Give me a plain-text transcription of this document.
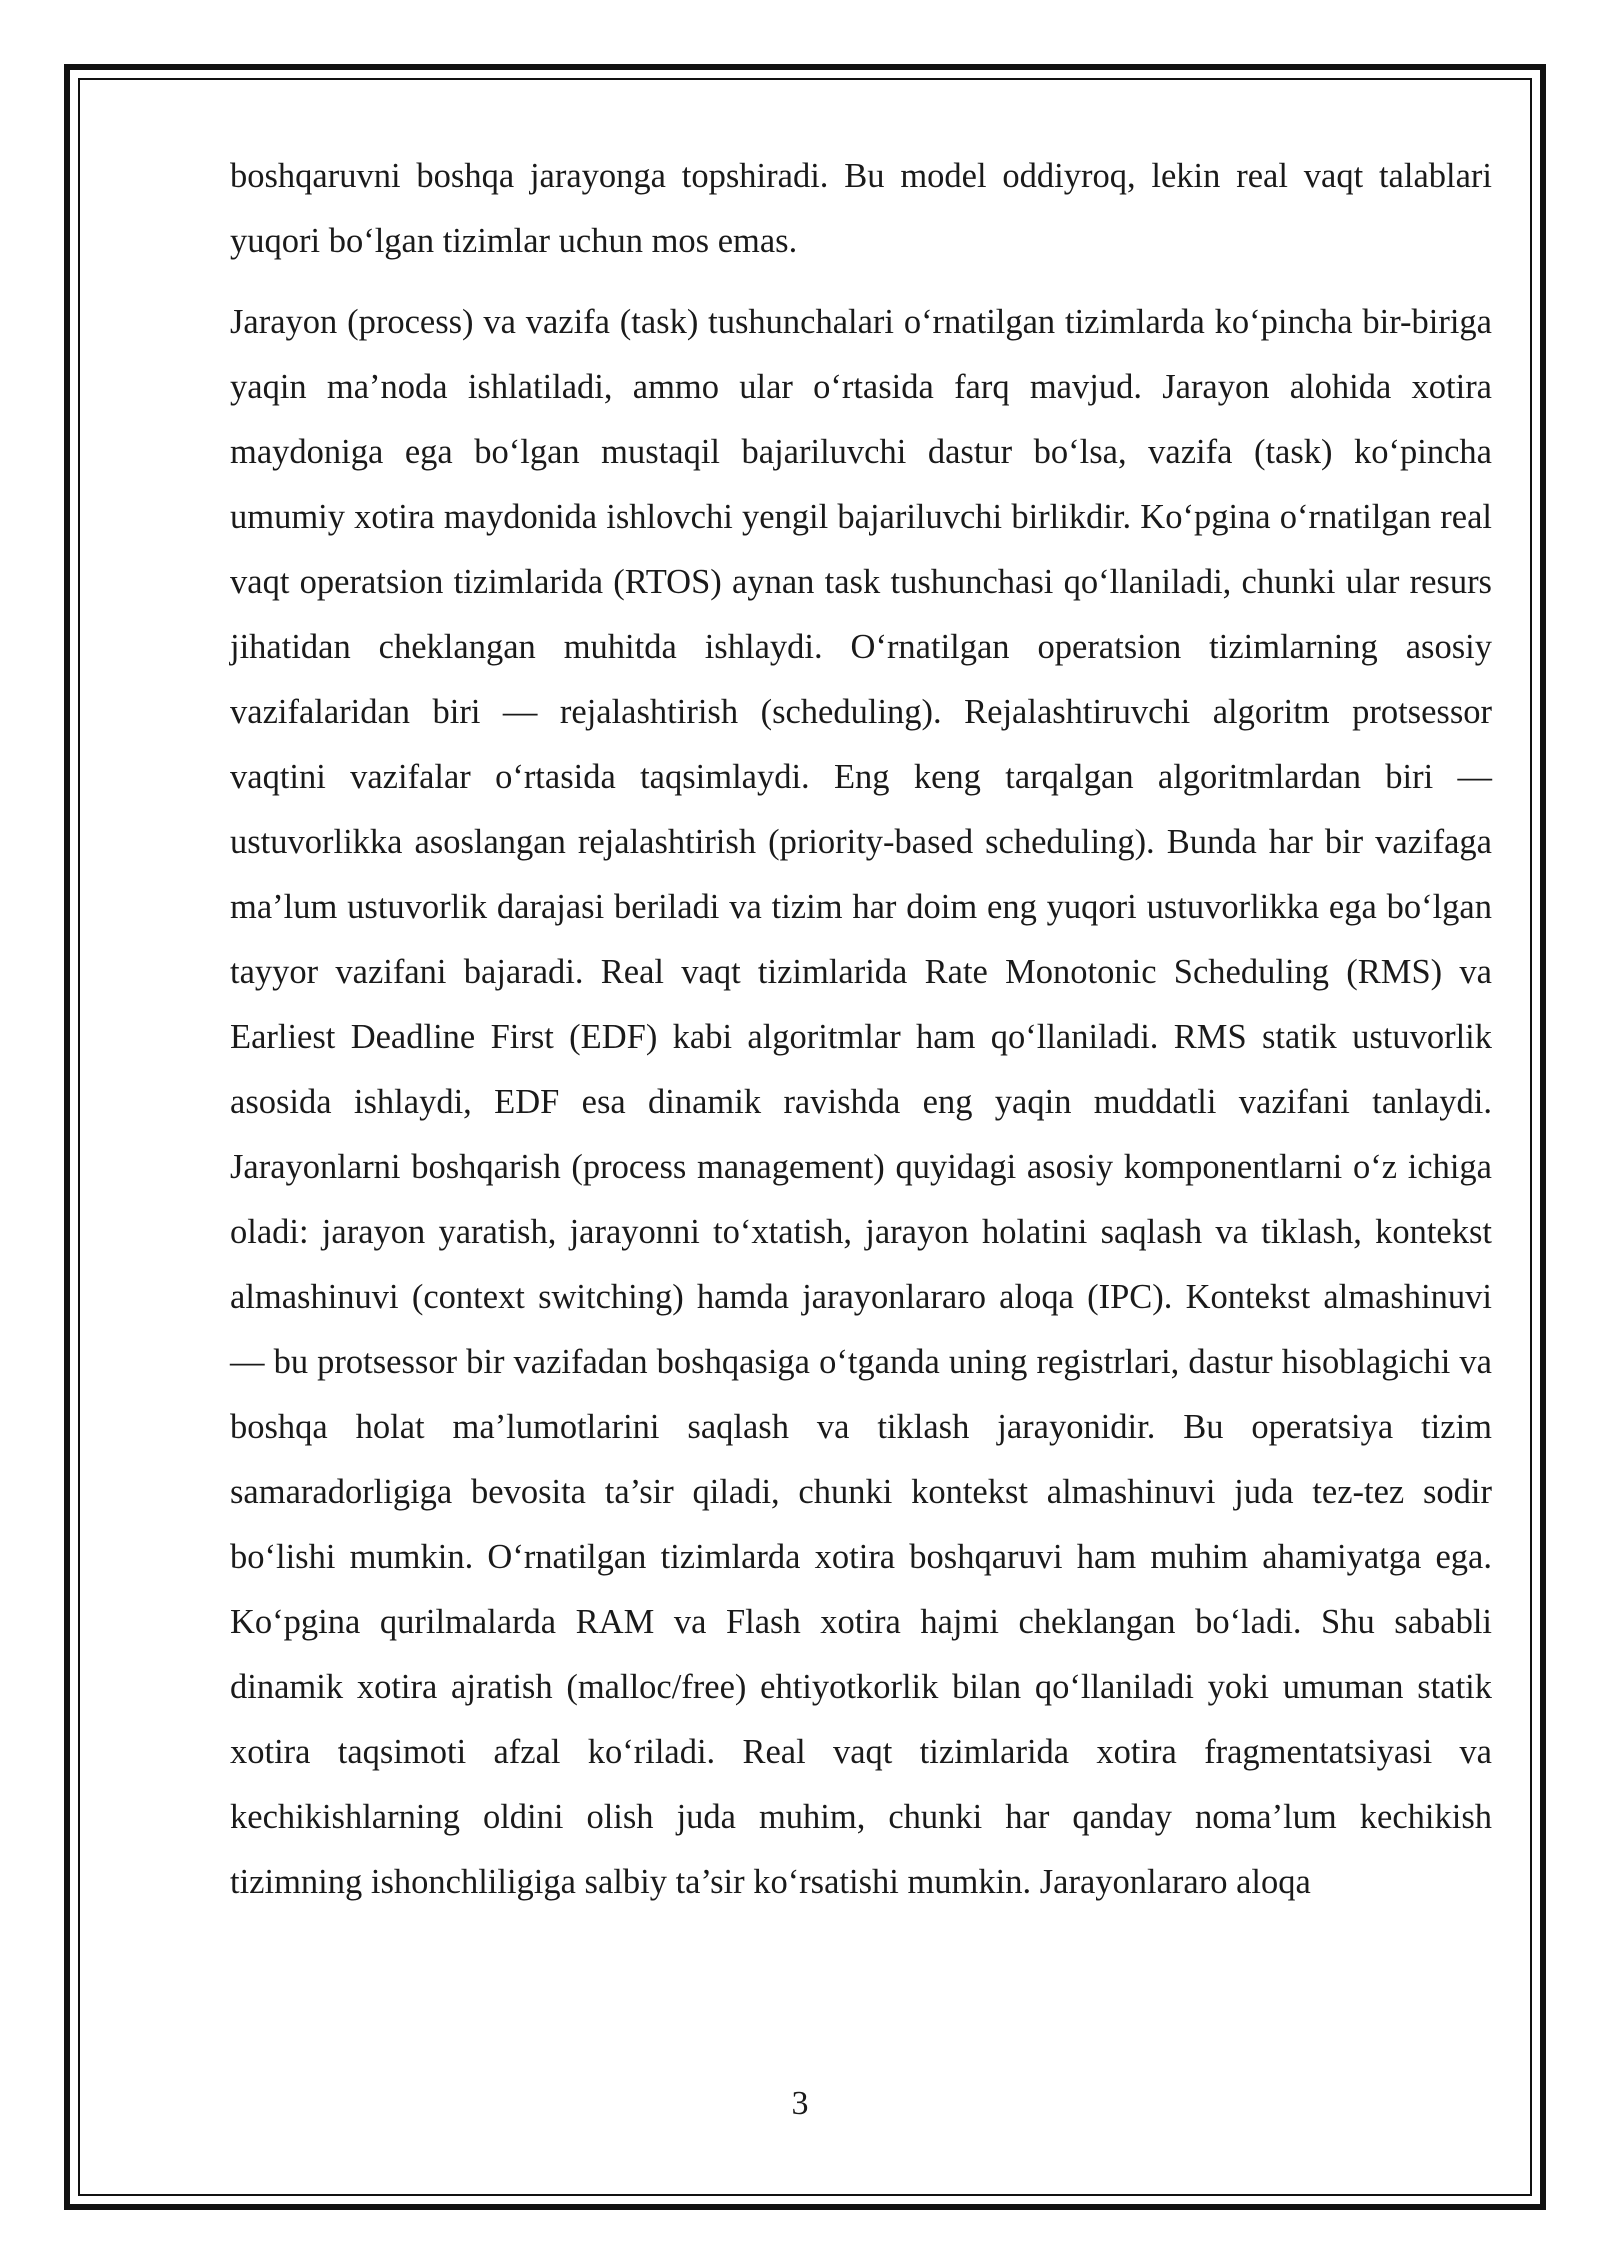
boshqaruvni boshqa jarayonga topshiradi. Bu model oddiyroq, lekin real vaqt talablari yuqori bo‘lgan tizimlar uchun mos emas.

Jarayon (process) va vazifa (task) tushunchalari o‘rnatilgan tizimlarda ko‘pincha bir-biriga yaqin ma’noda ishlatiladi, ammo ular o‘rtasida farq mavjud. Jarayon alohida xotira maydoniga ega bo‘lgan mustaqil bajariluvchi dastur bo‘lsa, vazifa (task) ko‘pincha umumiy xotira maydonida ishlovchi yengil bajariluvchi birlikdir. Ko‘pgina o‘rnatilgan real vaqt operatsion tizimlarida (RTOS) aynan task tushunchasi qo‘llaniladi, chunki ular resurs jihatidan cheklangan muhitda ishlaydi. O‘rnatilgan operatsion tizimlarning asosiy vazifalaridan biri — rejalashtirish (scheduling). Rejalashtiruvchi algoritm protsessor vaqtini vazifalar o‘rtasida taqsimlaydi. Eng keng tarqalgan algoritmlardan biri — ustuvorlikka asoslangan rejalashtirish (priority-based scheduling). Bunda har bir vazifaga ma’lum ustuvorlik darajasi beriladi va tizim har doim eng yuqori ustuvorlikka ega bo‘lgan tayyor vazifani bajaradi. Real vaqt tizimlarida Rate Monotonic Scheduling (RMS) va Earliest Deadline First (EDF) kabi algoritmlar ham qo‘llaniladi. RMS statik ustuvorlik asosida ishlaydi, EDF esa dinamik ravishda eng yaqin muddatli vazifani tanlaydi. Jarayonlarni boshqarish (process management) quyidagi asosiy komponentlarni o‘z ichiga oladi: jarayon yaratish, jarayonni to‘xtatish, jarayon holatini saqlash va tiklash, kontekst almashinuvi (context switching) hamda jarayonlararo aloqa (IPC). Kontekst almashinuvi — bu protsessor bir vazifadan boshqasiga o‘tganda uning registrlari, dastur hisoblagichi va boshqa holat ma’lumotlarini saqlash va tiklash jarayonidir. Bu operatsiya tizim samaradorligiga bevosita ta’sir qiladi, chunki kontekst almashinuvi juda tez-tez sodir bo‘lishi mumkin. O‘rnatilgan tizimlarda xotira boshqaruvi ham muhim ahamiyatga ega. Ko‘pgina qurilmalarda RAM va Flash xotira hajmi cheklangan bo‘ladi. Shu sababli dinamik xotira ajratish (malloc/free) ehtiyotkorlik bilan qo‘llaniladi yoki umuman statik xotira taqsimoti afzal ko‘riladi. Real vaqt tizimlarida xotira fragmentatsiyasi va kechikishlarning oldini olish juda muhim, chunki har qanday noma’lum kechikish tizimning ishonchliligiga salbiy ta’sir ko‘rsatishi mumkin. Jarayonlararo aloqa

3
